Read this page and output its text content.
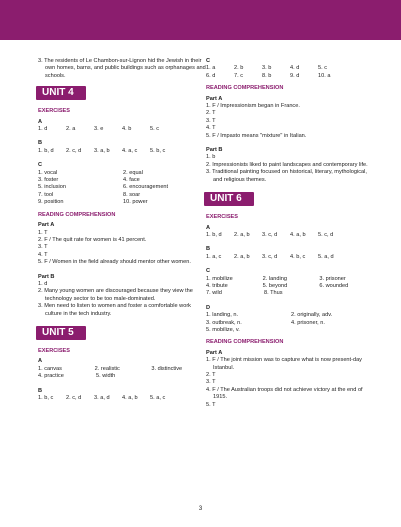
3. The residents of Le Chambon-sur-Lignon hid the Jewish in their own homes, barns, and public buildings such as orphanages and schools.
UNIT 4
EXERCISES
A
1. d	2. a	3. e	4. b	5. c
B
1. b, d	2. c, d	3. a, b	4. a, c	5. b, c
C
1. vocal	2. equal
3. foster	4. face
5. inclusion	6. encouragement
7. tool	8. soar
9. position	10. power
READING COMPREHENSION
Part A
1. T
2. F / The quit rate for women is 41 percent.
3. T
4. T
5. F / Women in the field already should mentor other women.
Part B
1. d
2. Many young women are discouraged because they view the technology sector to be too male-dominated.
3. Men need to listen to women and foster a comfortable work culture in the tech industry.
UNIT 5
EXERCISES
A
1. canvas	2. realistic	3. distinctive
4. practice	5. width
B
1. b, c	2. c, d	3. a, d	4. a, b	5. a, c
C
1. a	2. b	3. b	4. d	5. c
6. d	7. c	8. b	9. d	10. a
READING COMPREHENSION
Part A
1. F / Impressionism began in France.
2. T
3. T
4. T
5. F / Impasto means "mixture" in Italian.
Part B
1. b
2. Impressionists liked to paint landscapes and contemporary life.
3. Traditional painting focused on historical, literary, mythological, and religious themes.
UNIT 6
EXERCISES
A
1. b, d	2. a, b	3. c, d	4. a, b	5. c, d
B
1. a, c	2. a, b	3. c, d	4. b, c	5. a, d
C
1. mobilize	2. landing	3. prisoner
4. tribute	5. beyond	6. wounded
7. wild	8. Thus
D
1. landing, n.	2. originally, adv.
3. outbreak, n.	4. prisoner, n.
5. mobilize, v.
READING COMPREHENSION
Part A
1. F / The joint mission was to capture what is now present-day Istanbul.
2. T
3. T
4. F / The Australian troops did not achieve victory at the end of 1915.
5. T
3
